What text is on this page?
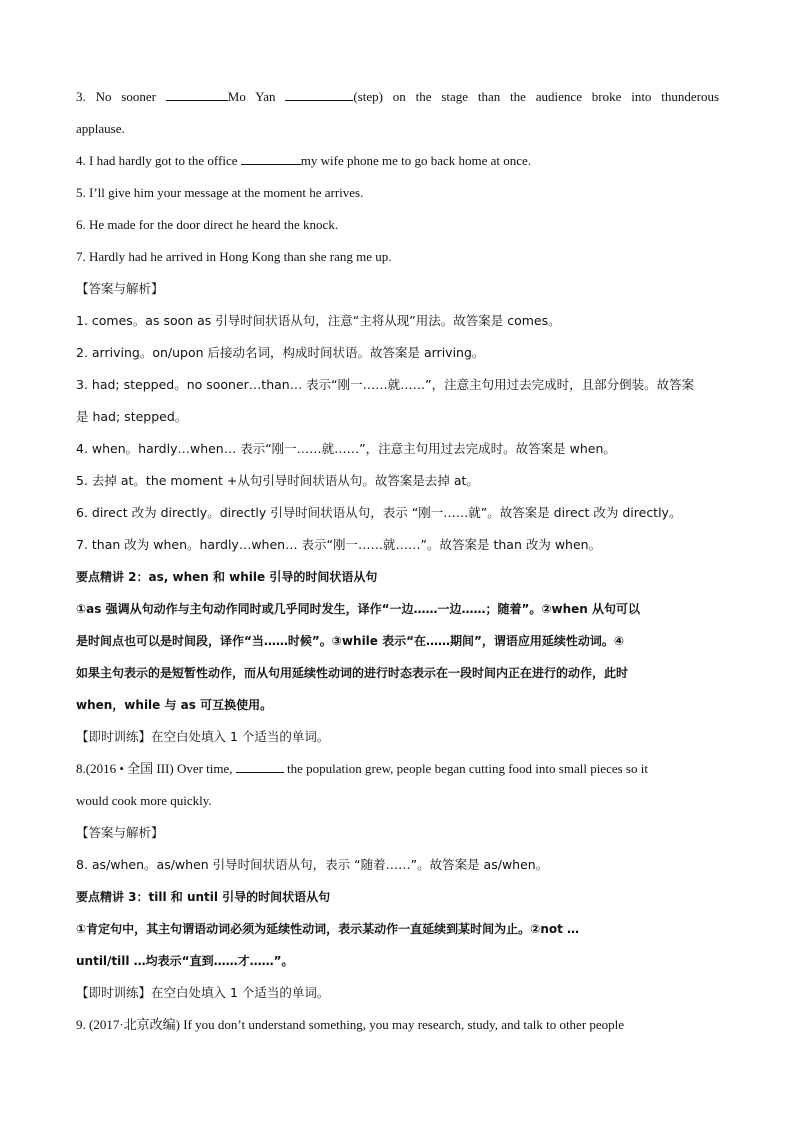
3. No sooner	Mo Yan	(step) on the stage than the audience broke into thunderous
applause.
4. I had hardly got to the office	my wife phone me to go back home at once.
5. I’ll give him your message at the moment he arrives.
6. He made for the door direct he heard the knock.
7. Hardly had he arrived in Hong Kong than she rang me up.
【答案与解析】
1. comes。as soon as 引导时间状语从句，注意“主将从现”用法。故答案是 comes。
2. arriving。on/upon 后接动名词，构成时间状语。故答案是 arriving。
3. had; stepped。no sooner…than… 表示“刚一……就……”，注意主句用过去完成时，且部分倒装。故答案
是 had; stepped。
4. when。hardly…when… 表示“刚一……就……”，注意主句用过去完成时。故答案是 when。
5. 去掉 at。the moment +从句引导时间状语从句。故答案是去掉 at。
6. direct 改为 directly。directly 引导时间状语从句，表示 “刚一……就”。故答案是 direct 改为 directly。
7. than 改为 when。hardly…when… 表示“刚一……就……”。故答案是 than 改为 when。
要点精讲 2：as, when 和 while 引导的时间状语从句
①as 强调从句动作与主句动作同时或几乎同时发生，译作“一边……一边……；随着”。②when 从句可以
是时间点也可以是时间段，译作“当……时候”。③while 表示“在……期间”，谓语应用延续性动词。④
如果主句表示的是短暂性动作，而从句用延续性动词的进行时态表示在一段时间内正在进行的动作，此时
when，while 与 as 可互换使用。
【即时训练】在空白处填入 1 个适当的单词。
8.(2016 • 全国 III) Over time,	the population grew, people began cutting food into small pieces so it
would cook more quickly.
【答案与解析】
8. as/when。as/when 引导时间状语从句，表示 “随着……”。故答案是 as/when。
要点精讲 3：till 和 until 引导的时间状语从句
①肯定句中，其主句谓语动词必须为延续性动词，表示某动作一直延续到某时间为止。②not …
until/till …均表示“直到……才……”。
【即时训练】在空白处填入 1 个适当的单词。
9. (2017·北京改编) If you don’t understand something, you may research, study, and talk to other people
